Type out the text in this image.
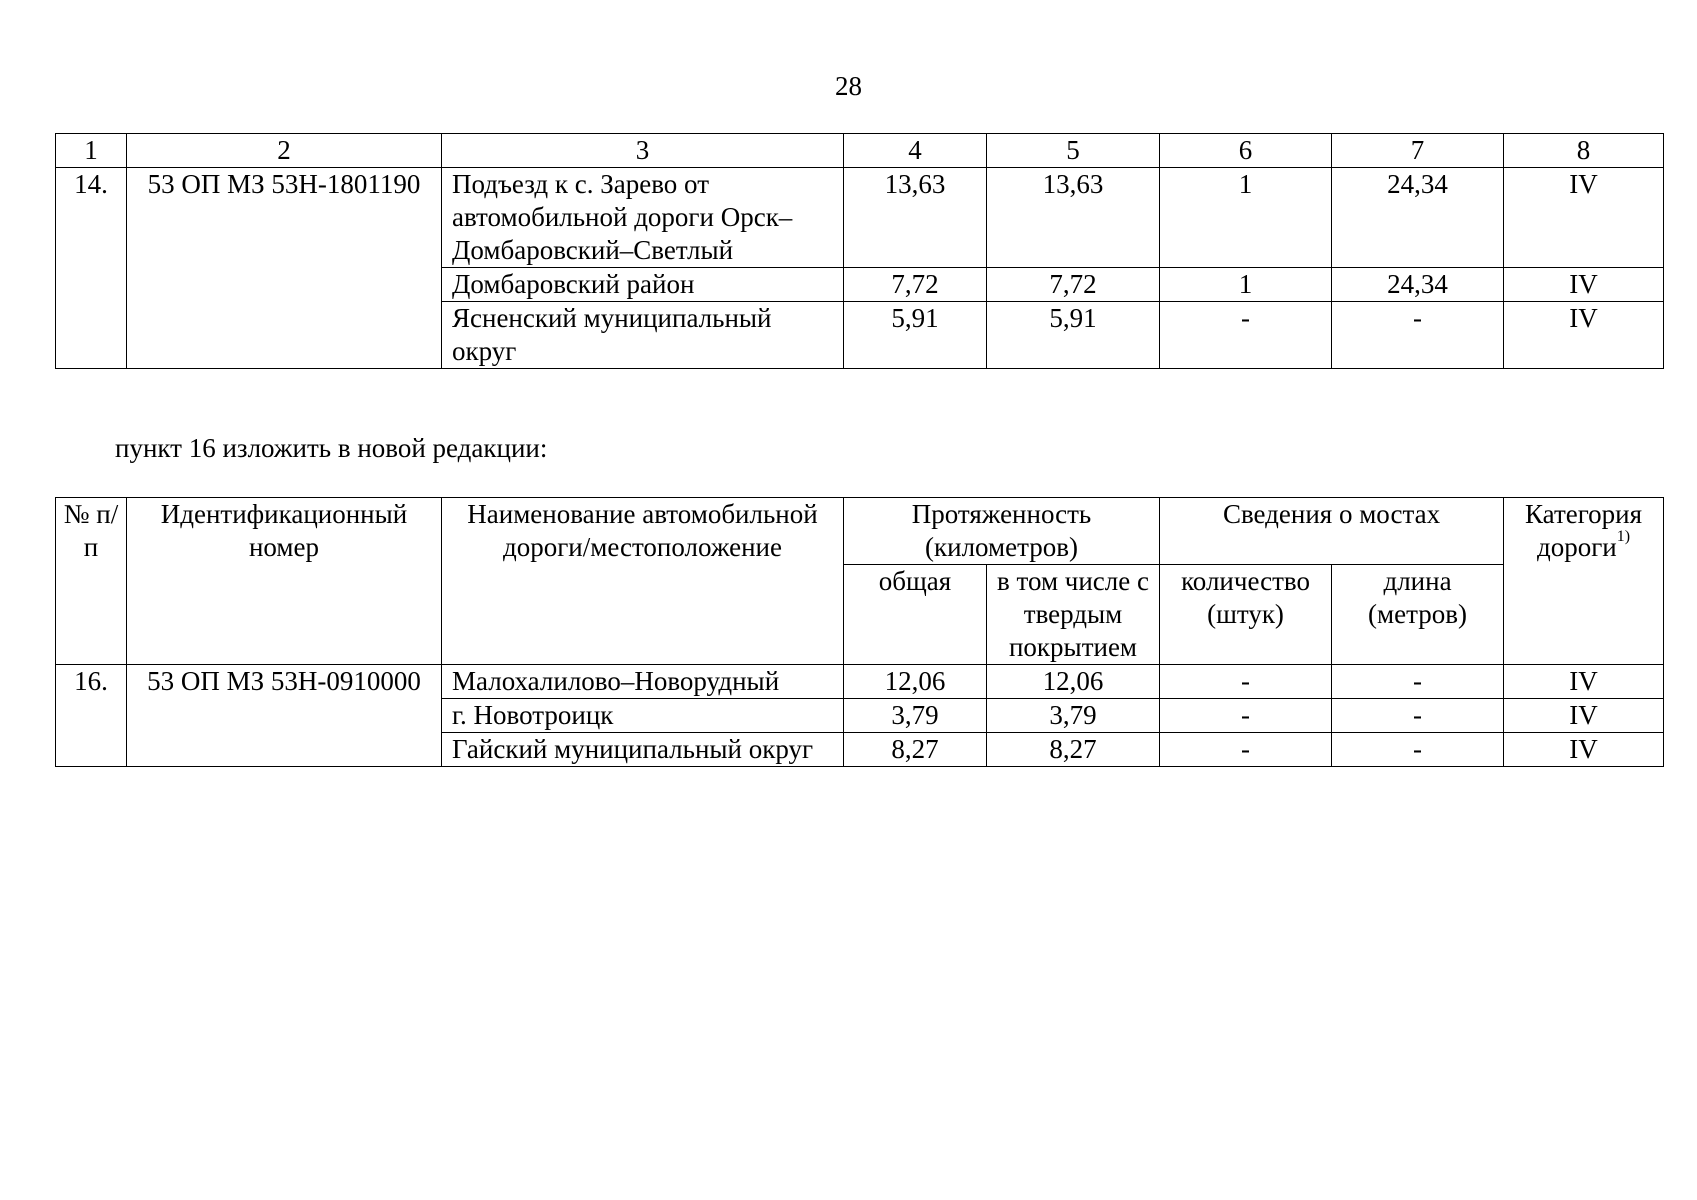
28
1	2	3	4	5	6	7	8
14.	53 ОП МЗ 53Н-1801190	Подъезд к с. Зарево от автомобильной дороги Орск–Домбаровский–Светлый	13,63	13,63	1	24,34	IV
		Домбаровский район	7,72	7,72	1	24,34	IV
		Ясненский муниципальный округ	5,91	5,91	-	-	IV
пункт 16 изложить в новой редакции:
№ п/п	Идентификационный номер	Наименование автомобильной дороги/местоположение	Протяженность (километров)		Сведения о мостах		Категория дороги$^{1)}$
			общая	в том числе с твердым покрытием	количество (штук)	длина (метров)	
16.	53 ОП МЗ 53Н-0910000	Малохалилово–Новорудный	12,06	12,06	-	-	IV
		г. Новотроицк	3,79	3,79	-	-	IV
		Гайский муниципальный округ	8,27	8,27	-	-	IV
